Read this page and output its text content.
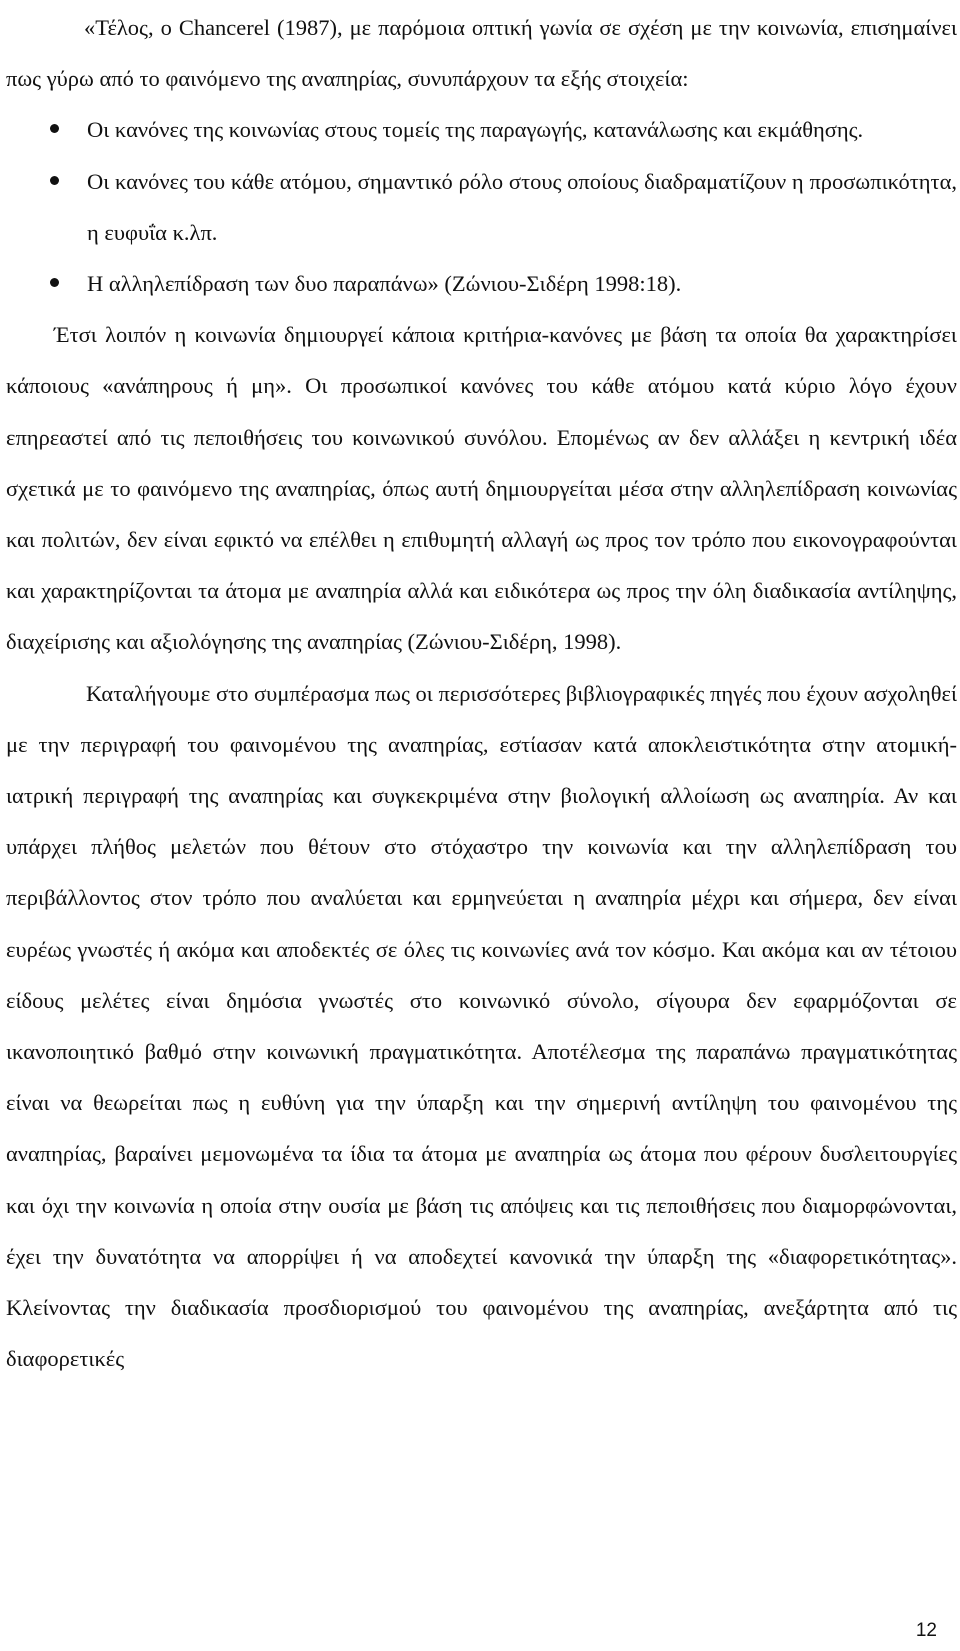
«Τέλος, ο Chancerel (1987), με παρόμοια οπτική γωνία σε σχέση με την κοινωνία, επισημαίνει πως γύρω από το φαινόμενο της αναπηρίας, συνυπάρχουν τα εξής στοιχεία:

Οι κανόνες της κοινωνίας στους τομείς της παραγωγής, κατανάλωσης και εκμάθησης.
Οι κανόνες του κάθε ατόμου, σημαντικό ρόλο στους οποίους διαδραματίζουν η προσωπικότητα, η ευφυΐα κ.λπ.
Η αλληλεπίδραση των δυο παραπάνω» (Ζώνιου-Σιδέρη 1998:18).

Έτσι λοιπόν η κοινωνία δημιουργεί κάποια κριτήρια-κανόνες με βάση τα οποία θα χαρακτηρίσει κάποιους «ανάπηρους ή μη». Οι προσωπικοί κανόνες του κάθε ατόμου κατά κύριο λόγο έχουν επηρεαστεί από τις πεποιθήσεις του κοινωνικού συνόλου. Επομένως αν δεν αλλάξει η κεντρική ιδέα σχετικά με το φαινόμενο της αναπηρίας, όπως αυτή δημιουργείται μέσα στην αλληλεπίδραση κοινωνίας και πολιτών, δεν είναι εφικτό να επέλθει η επιθυμητή αλλαγή ως προς τον τρόπο που εικονογραφούνται και χαρακτηρίζονται τα άτομα με αναπηρία αλλά και ειδικότερα ως προς την όλη διαδικασία αντίληψης, διαχείρισης και αξιολόγησης της αναπηρίας (Ζώνιου-Σιδέρη, 1998).

Καταλήγουμε στο συμπέρασμα πως οι περισσότερες βιβλιογραφικές πηγές που έχουν ασχοληθεί με την περιγραφή του φαινομένου της αναπηρίας, εστίασαν κατά αποκλειστικότητα στην ατομική-ιατρική περιγραφή της αναπηρίας και συγκεκριμένα στην βιολογική αλλοίωση ως αναπηρία. Αν και υπάρχει πλήθος μελετών που θέτουν στο στόχαστρο την κοινωνία και την αλληλεπίδραση του περιβάλλοντος στον τρόπο που αναλύεται και ερμηνεύεται η αναπηρία μέχρι και σήμερα, δεν είναι ευρέως γνωστές ή ακόμα και αποδεκτές σε όλες τις κοινωνίες ανά τον κόσμο. Και ακόμα και αν τέτοιου είδους μελέτες είναι δημόσια γνωστές στο κοινωνικό σύνολο, σίγουρα δεν εφαρμόζονται σε ικανοποιητικό βαθμό στην κοινωνική πραγματικότητα. Αποτέλεσμα της παραπάνω πραγματικότητας είναι να θεωρείται πως η ευθύνη για την ύπαρξη και την σημερινή αντίληψη του φαινομένου της αναπηρίας, βαραίνει μεμονωμένα τα ίδια τα άτομα με αναπηρία ως άτομα που φέρουν δυσλειτουργίες και όχι την κοινωνία η οποία στην ουσία με βάση τις απόψεις και τις πεποιθήσεις που διαμορφώνονται, έχει την δυνατότητα να απορρίψει ή να αποδεχτεί κανονικά την ύπαρξη της «διαφορετικότητας». Κλείνοντας την διαδικασία προσδιορισμού του φαινομένου της αναπηρίας, ανεξάρτητα από τις διαφορετικές

12
